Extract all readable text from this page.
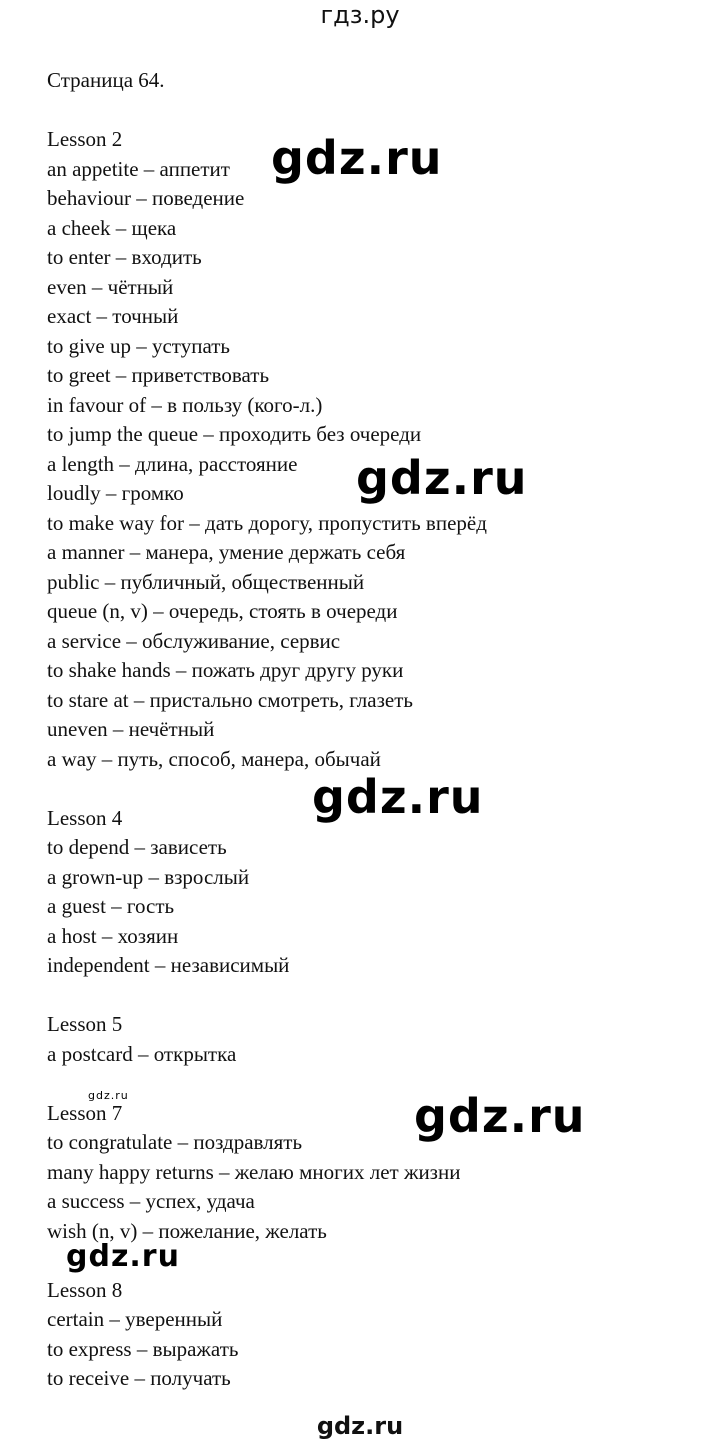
гдз.ру
Страница 64.
Lesson 2
an appetite – аппетит
behaviour – поведение
a cheek – щека
to enter – входить
even – чётный
exact – точный
to give up – уступать
to greet – приветствовать
in favour of – в пользу (кого-л.)
to jump the queue – проходить без очереди
a length – длина, расстояние
loudly – громко
to make way for – дать дорогу, пропустить вперёд
a manner – манера, умение держать себя
public – публичный, общественный
queue (n, v) – очередь, стоять в очереди
a service – обслуживание, сервис
to shake hands – пожать друг другу руки
to stare at – пристально смотреть, глазеть
uneven – нечётный
a way – путь, способ, манера, обычай
Lesson 4
to depend – зависеть
a grown-up – взрослый
a guest – гость
a host – хозяин
independent – независимый
Lesson 5
a postcard – открытка
Lesson 7
to congratulate – поздравлять
many happy returns – желаю многих лет жизни
a success – успех, удача
wish (n, v) – пожелание, желать
Lesson 8
certain – уверенный
to express – выражать
to receive – получать
gdz.ru
gdz.ru
gdz.ru
gdz.ru
gdz.ru
gdz.ru
gdz.ru
